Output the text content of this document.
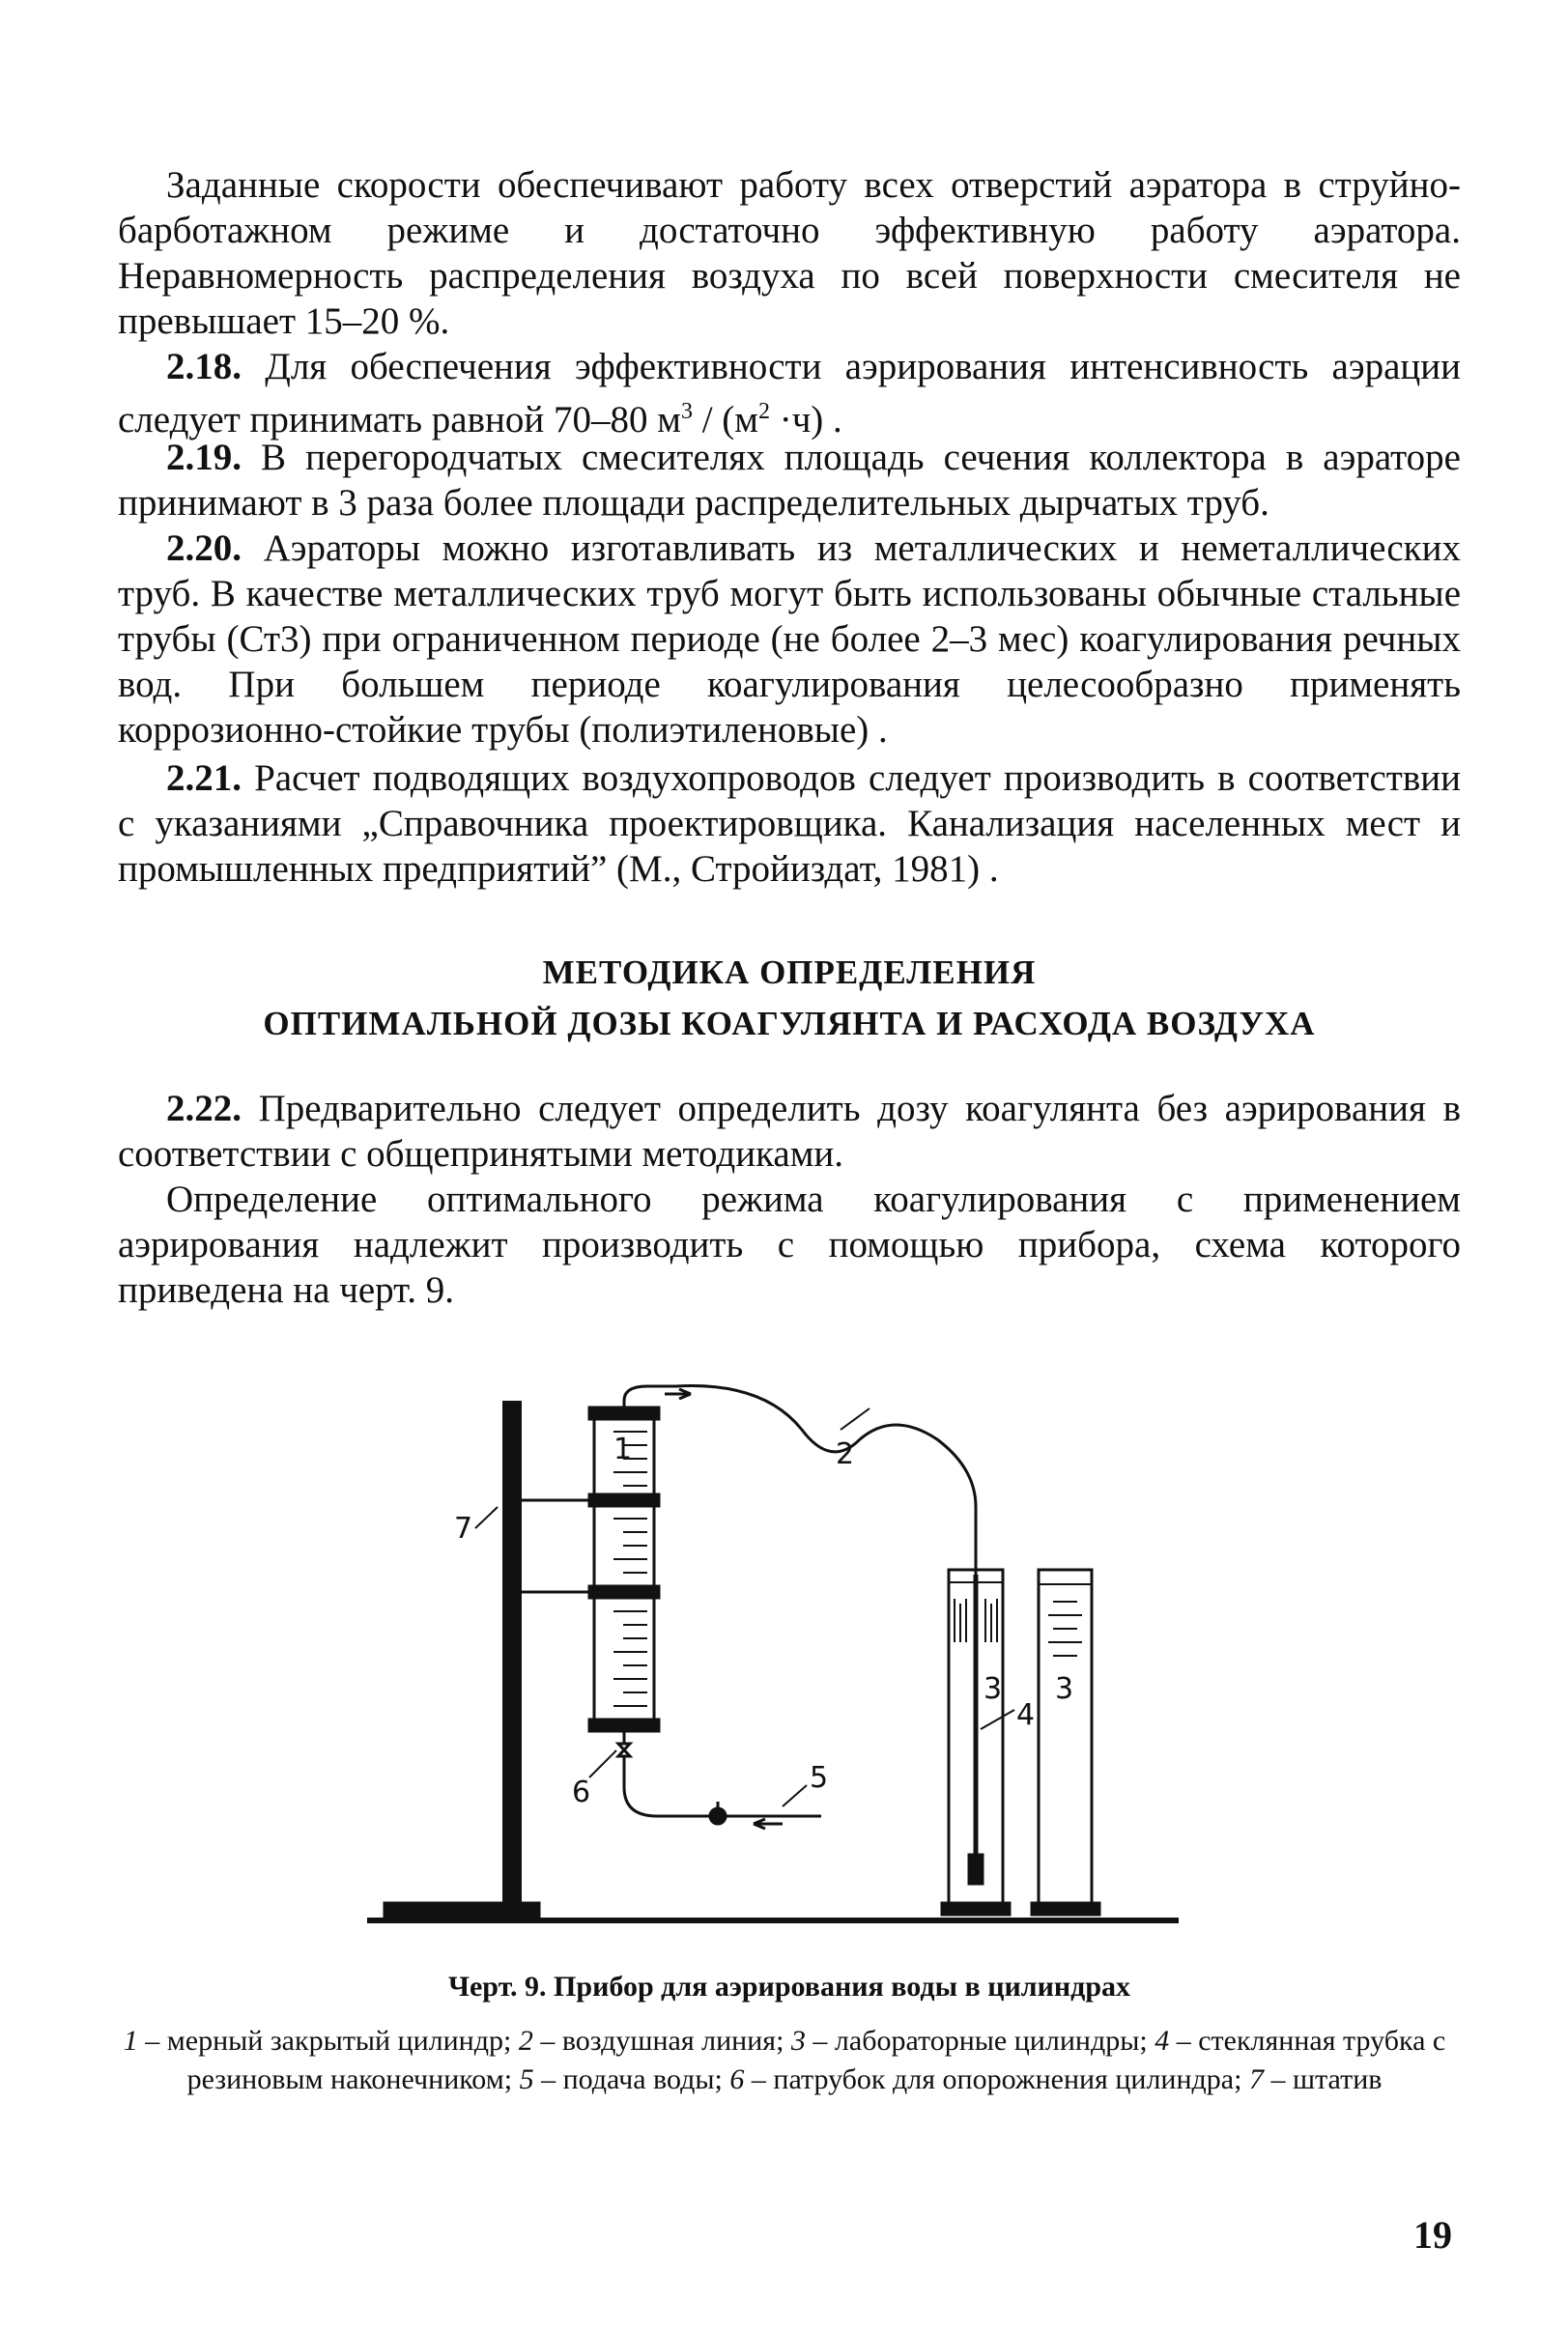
Заданные скорости обеспечивают работу всех отверстий аэратора в струйно-барботажном режиме и достаточно эффективную работу аэратора. Неравномерность распределения воздуха по всей поверхности смесителя не превышает 15–20 %.

2.18. Для обеспечения эффективности аэрирования интенсивность аэрации следует принимать равной 70–80 $м^3 / (м^2 \cdot ч)$ .

2.19. В перегородчатых смесителях площадь сечения коллектора в аэраторе принимают в 3 раза более площади распределительных дырчатых труб.

2.20. Аэраторы можно изготавливать из металлических и неметаллических труб. В качестве металлических труб могут быть использованы обычные стальные трубы (Ст3) при ограниченном периоде (не более 2–3 мес) коагулирования речных вод. При большем периоде коагулирования целесообразно применять коррозионно-стойкие трубы (полиэтиленовые) .

2.21. Расчет подводящих воздухопроводов следует производить в соответствии с указаниями „Справочника проектировщика. Канализация населенных мест и промышленных предприятий” (М., Стройиздат, 1981) .

МЕТОДИКА ОПРЕДЕЛЕНИЯ
ОПТИМАЛЬНОЙ ДОЗЫ КОАГУЛЯНТА И РАСХОДА ВОЗДУХА

2.22. Предварительно следует определить дозу коагулянта без аэрирования в соответствии с общепринятыми методиками.

Определение оптимального режима коагулирования с применением аэрирования надлежит производить с помощью прибора, схема которого приведена на черт. 9.

1	2
3 3
4
5
6
7
Черт. 9. Прибор для аэрирования воды в цилиндрах
1 – мерный закрытый цилиндр; 2 – воздушная линия; 3 – лабораторные цилиндры; 4 – стеклянная трубка с резиновым наконечником; 5 – подача воды; 6 – патрубок для опорожнения цилиндра; 7 – штатив
19
